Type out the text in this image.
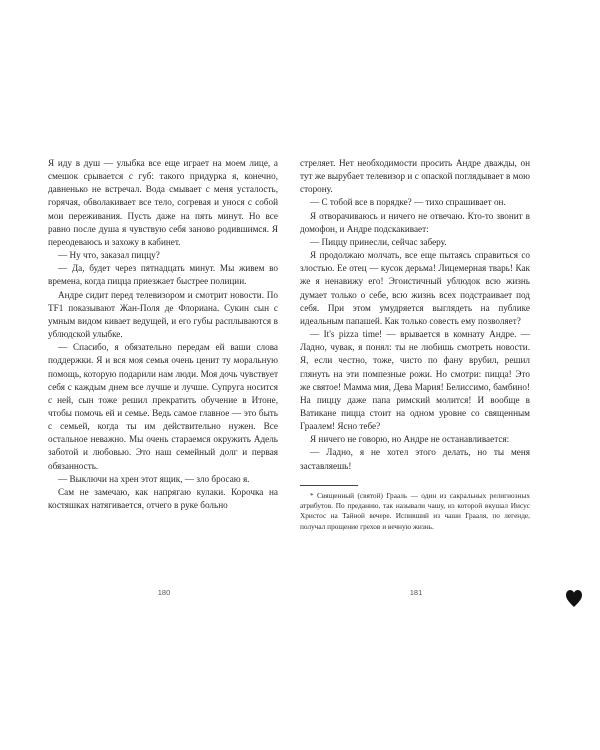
Я иду в душ — улыбка все еще играет на моем лице, а смешок срывается с губ: такого придурка я, конечно, давненько не встречал. Вода смывает с меня усталость, горячая, обволакивает все тело, согревая и унося с собой мои переживания. Пусть даже на пять минут. Но все равно после душа я чувствую себя заново родившимся. Я переодеваюсь и захожу в кабинет.

— Ну что, заказал пиццу?

— Да, будет через пятнадцать минут. Мы живем во времена, когда пицца приезжает быстрее полиции.

Андре сидит перед телевизором и смотрит новости. По TF1 показывают Жан-Поля де Флориана. Сукин сын с умным видом кивает ведущей, и его губы расплываются в ублюдской улыбке.

— Спасибо, я обязательно передам ей ваши слова поддержки. Я и вся моя семья очень ценит ту моральную помощь, которую подарили нам люди. Моя дочь чувствует себя с каждым днем все лучше и лучше. Супруга носится с ней, сын тоже решил прекратить обучение в Итоне, чтобы помочь ей и семье. Ведь самое главное — это быть с семьей, когда ты им действительно нужен. Все остальное неважно. Мы очень стараемся окружить Адель заботой и любовью. Это наш семейный долг и первая обязанность.

— Выключи на хрен этот ящик, — зло бросаю я.

Сам не замечаю, как напрягаю кулаки. Корочка на костяшках натягивается, отчего в руке больно

стреляет. Нет необходимости просить Андре дважды, он тут же вырубает телевизор и с опаской поглядывает в мою сторону.

— С тобой все в порядке? — тихо спрашивает он.

Я отворачиваюсь и ничего не отвечаю. Кто-то звонит в домофон, и Андре подскакивает:

— Пиццу принесли, сейчас заберу.

Я продолжаю молчать, все еще пытаясь справиться со злостью. Ее отец — кусок дерьма! Лицемерная тварь! Как же я ненавижу его! Эгоистичный ублюдок всю жизнь думает только о себе, всю жизнь всех подстраивает под себя. При этом умудряется выглядеть на публике идеальным папашей. Как только совесть ему позволяет?

— It's pizza time! — врывается в комнату Андре. — Ладно, чувак, я понял: ты не любишь смотреть новости. Я, если честно, тоже, чисто по фану врубил, решил глянуть на эти помпезные рожи. Но смотри: пицца! Это же святое! Мамма мия, Дева Мария! Белиссимо, бамбино! На пиццу даже папа римский молится! И вообще в Ватикане пицца стоит на одном уровне со священным Граалем! Ясно тебе?

Я ничего не говорю, но Андре не останавливается:

— Ладно, я не хотел этого делать, но ты меня заставляешь!

* Священный (святой) Грааль — один из сакральных религиозных атрибутов. По преданию, так называли чашу, из которой вкушал Иисус Христос на Тайной вечере. Испивший из чаши Грааля, по легенде, получал прощение грехов и вечную жизнь.

180	181
